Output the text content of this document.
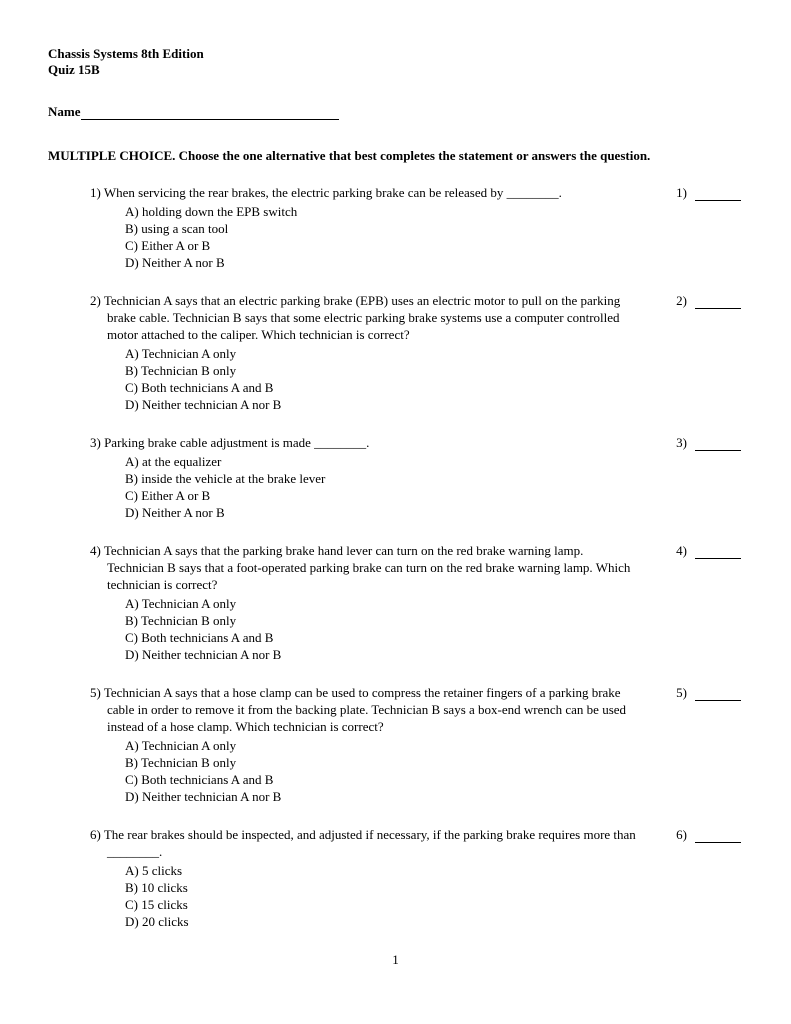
Chassis Systems 8th Edition
Quiz 15B
Name
MULTIPLE CHOICE. Choose the one alternative that best completes the statement or answers the question.

1) When servicing the rear brakes, the electric parking brake can be released by ________.

A) holding down the EPB switch
B) using a scan tool
C) Either A or B
D) Neither A nor B
1)

2) Technician A says that an electric parking brake (EPB) uses an electric motor to pull on the parking brake cable. Technician B says that some electric parking brake systems use a computer controlled motor attached to the caliper. Which technician is correct?

A) Technician A only
B) Technician B only
C) Both technicians A and B
D) Neither technician A nor B
2)

3) Parking brake cable adjustment is made ________.

A) at the equalizer
B) inside the vehicle at the brake lever
C) Either A or B
D) Neither A nor B
3)

4) Technician A says that the parking brake hand lever can turn on the red brake warning lamp. Technician B says that a foot-operated parking brake can turn on the red brake warning lamp. Which technician is correct?

A) Technician A only
B) Technician B only
C) Both technicians A and B
D) Neither technician A nor B
4)

5) Technician A says that a hose clamp can be used to compress the retainer fingers of a parking brake cable in order to remove it from the backing plate. Technician B says a box-end wrench can be used instead of a hose clamp. Which technician is correct?

A) Technician A only
B) Technician B only
C) Both technicians A and B
D) Neither technician A nor B
5)

6) The rear brakes should be inspected, and adjusted if necessary, if the parking brake requires more than ________.

A) 5 clicks
B) 10 clicks
C) 15 clicks
D) 20 clicks
6)
1
